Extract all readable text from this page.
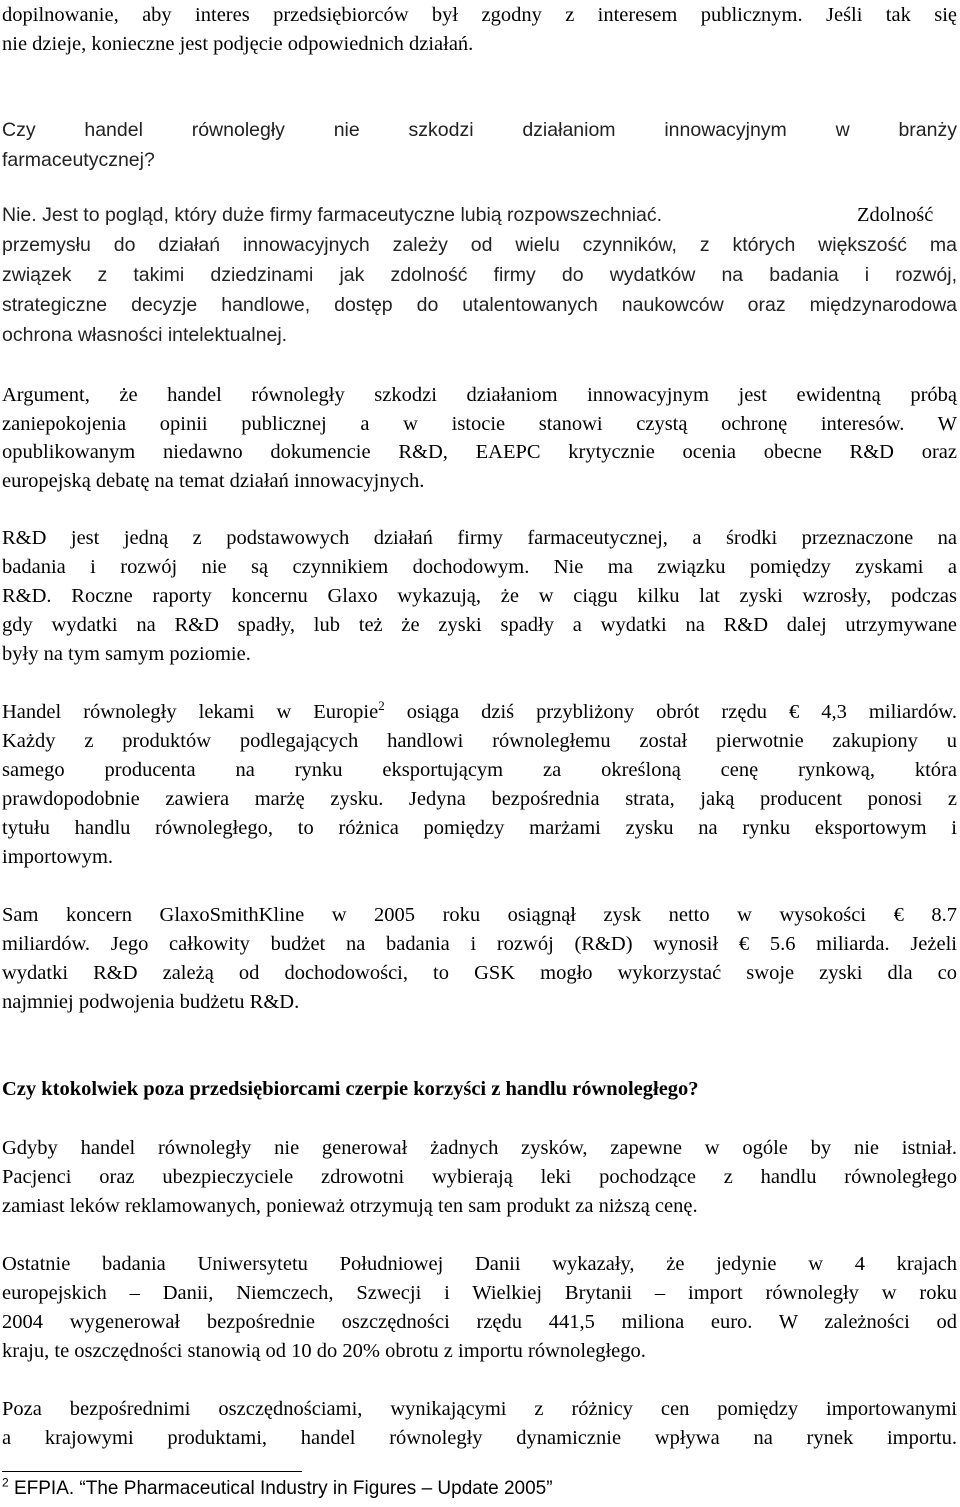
dopilnowanie, aby interes przedsiębiorców był zgodny z interesem publicznym. Jeśli tak się
nie dzieje, konieczne jest podjęcie odpowiednich działań.
Czy handel równoległy nie szkodzi działaniom innowacyjnym w branży
farmaceutycznej?
Nie. Jest to pogląd, który duże firmy farmaceutyczne lubią rozpowszechniać.	Zdolność
przemysłu do działań innowacyjnych zależy od wielu czynników, z których większość ma
związek z takimi dziedzinami jak zdolność firmy do wydatków na badania i rozwój,
strategiczne decyzje handlowe, dostęp do utalentowanych naukowców oraz międzynarodowa
ochrona własności intelektualnej.
Argument, że handel równoległy szkodzi działaniom innowacyjnym jest ewidentną próbą
zaniepokojenia opinii publicznej a w istocie stanowi czystą ochronę interesów. W
opublikowanym niedawno dokumencie R&D, EAEPC krytycznie ocenia obecne R&D oraz
europejską debatę na temat działań innowacyjnych.
R&D jest jedną z podstawowych działań firmy farmaceutycznej, a środki przeznaczone na
badania i rozwój nie są czynnikiem dochodowym. Nie ma związku pomiędzy zyskami a
R&D. Roczne raporty koncernu Glaxo wykazują, że w ciągu kilku lat zyski wzrosły, podczas
gdy wydatki na R&D spadły, lub też że zyski spadły a wydatki na R&D dalej utrzymywane
były na tym samym poziomie.
Handel równoległy lekami w Europie$^2$ osiąga dziś przybliżony obrót rzędu € 4,3 miliardów.
Każdy z produktów podlegających handlowi równoległemu został pierwotnie zakupiony u
samego producenta na rynku eksportującym za określoną cenę rynkową, która
prawdopodobnie zawiera marżę zysku. Jedyna bezpośrednia strata, jaką producent ponosi z
tytułu handlu równoległego, to różnica pomiędzy marżami zysku na rynku eksportowym i
importowym.
Sam koncern GlaxoSmithKline w 2005 roku osiągnął zysk netto w wysokości € 8.7
miliardów. Jego całkowity budżet na badania i rozwój (R&D) wynosił € 5.6 miliarda. Jeżeli
wydatki R&D zależą od dochodowości, to GSK mogło wykorzystać swoje zyski dla co
najmniej podwojenia budżetu R&D.
Czy ktokolwiek poza przedsiębiorcami czerpie korzyści z handlu równoległego?
Gdyby handel równoległy nie generował żadnych zysków, zapewne w ogóle by nie istniał.
Pacjenci oraz ubezpieczyciele zdrowotni wybierają leki pochodzące z handlu równoległego
zamiast leków reklamowanych, ponieważ otrzymują ten sam produkt za niższą cenę.
Ostatnie badania Uniwersytetu Południowej Danii wykazały, że jedynie w 4 krajach
europejskich – Danii, Niemczech, Szwecji i Wielkiej Brytanii – import równoległy w roku
2004 wygenerował bezpośrednie oszczędności rzędu 441,5 miliona euro. W zależności od
kraju, te oszczędności stanowią od 10 do 20% obrotu z importu równoległego.
Poza bezpośrednimi oszczędnościami, wynikającymi z różnicy cen pomiędzy importowanymi
a krajowymi produktami, handel równoległy dynamicznie wpływa na rynek importu.
$^2$ EFPIA. “The Pharmaceutical Industry in Figures – Update 2005”
